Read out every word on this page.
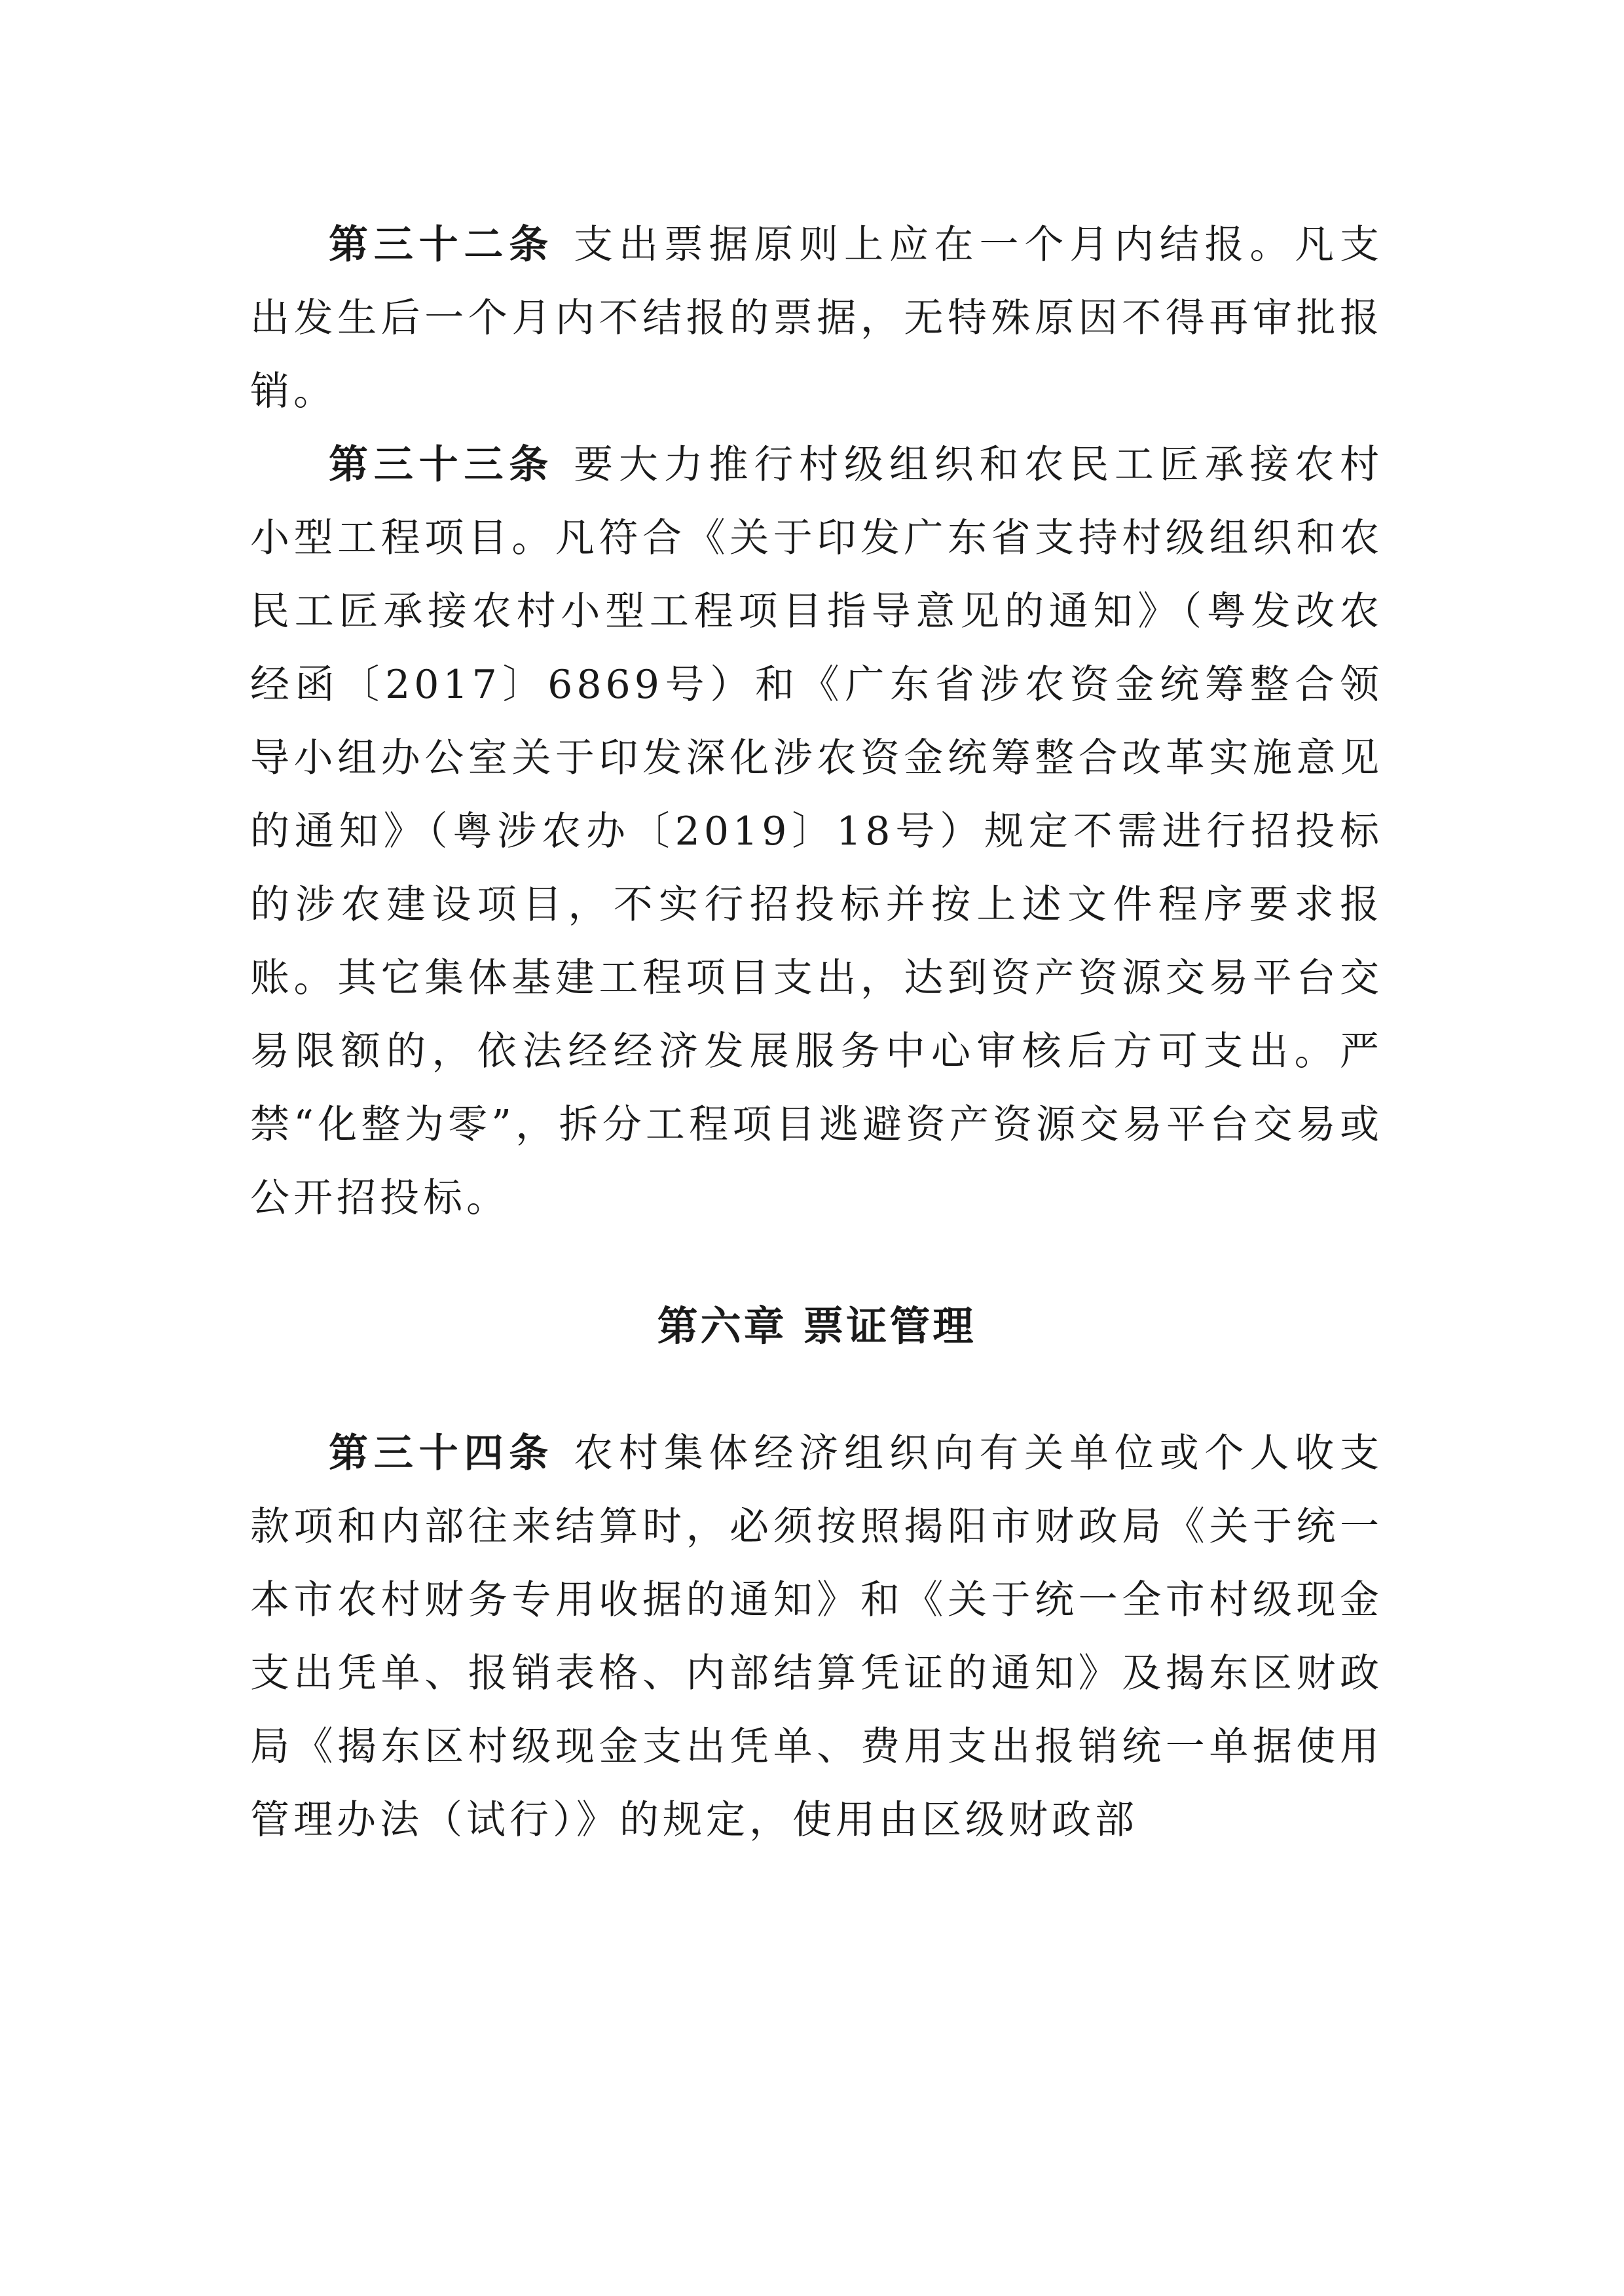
第三十二条 支出票据原则上应在一个月内结报。凡支出发生后一个月内不结报的票据，无特殊原因不得再审批报销。

第三十三条 要大力推行村级组织和农民工匠承接农村小型工程项目。凡符合《关于印发广东省支持村级组织和农民工匠承接农村小型工程项目指导意见的通知》（粤发改农经函〔2017〕6869号）和《广东省涉农资金统筹整合领导小组办公室关于印发深化涉农资金统筹整合改革实施意见的通知》（粤涉农办〔2019〕18号）规定不需进行招投标的涉农建设项目，不实行招投标并按上述文件程序要求报账。其它集体基建工程项目支出，达到资产资源交易平台交易限额的，依法经经济发展服务中心审核后方可支出。严禁“化整为零”，拆分工程项目逃避资产资源交易平台交易或公开招投标。

第六章 票证管理

第三十四条 农村集体经济组织向有关单位或个人收支款项和内部往来结算时，必须按照揭阳市财政局《关于统一本市农村财务专用收据的通知》和《关于统一全市村级现金支出凭单、报销表格、内部结算凭证的通知》及揭东区财政局《揭东区村级现金支出凭单、费用支出报销统一单据使用管理办法（试行）》的规定，使用由区级财政部
